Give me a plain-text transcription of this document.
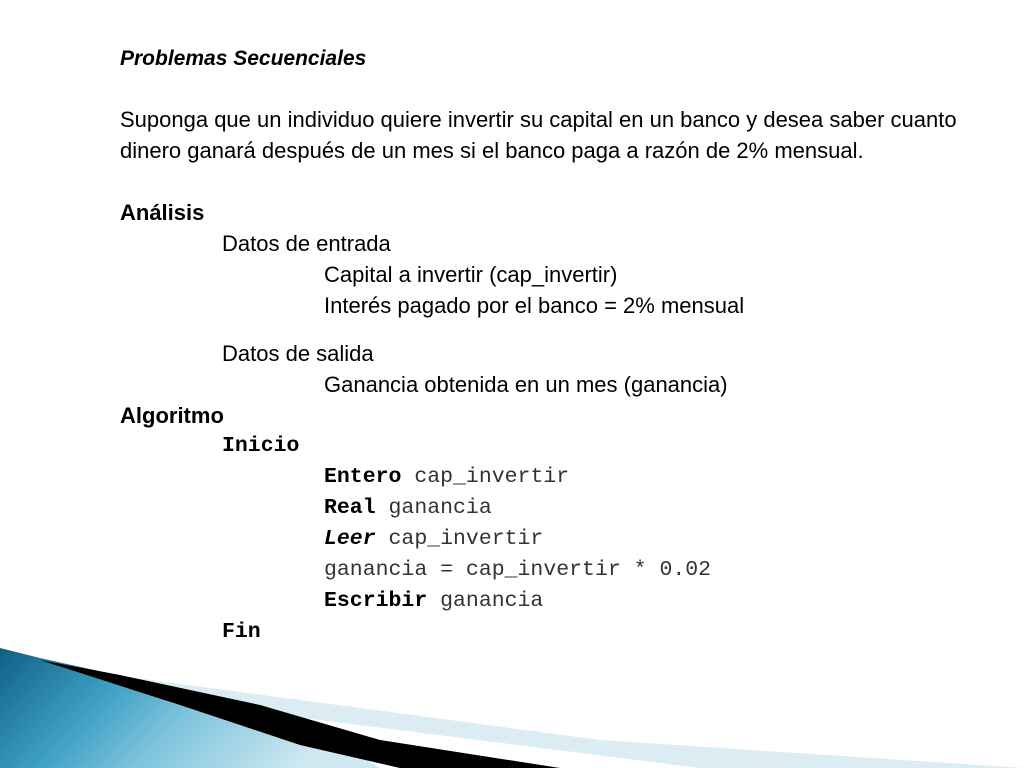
Problemas Secuenciales
Suponga que un individuo quiere invertir su capital en un banco y desea saber cuanto dinero ganará después de un mes si el banco paga a razón de 2% mensual.
Análisis
Datos de entrada
Capital a invertir (cap_invertir)
Interés pagado por el banco = 2% mensual
Datos de salida
Ganancia obtenida en un mes (ganancia)
Algoritmo
Inicio
Entero cap_invertir
Real ganancia
Leer cap_invertir
ganancia = cap_invertir * 0.02
Escribir ganancia
Fin
